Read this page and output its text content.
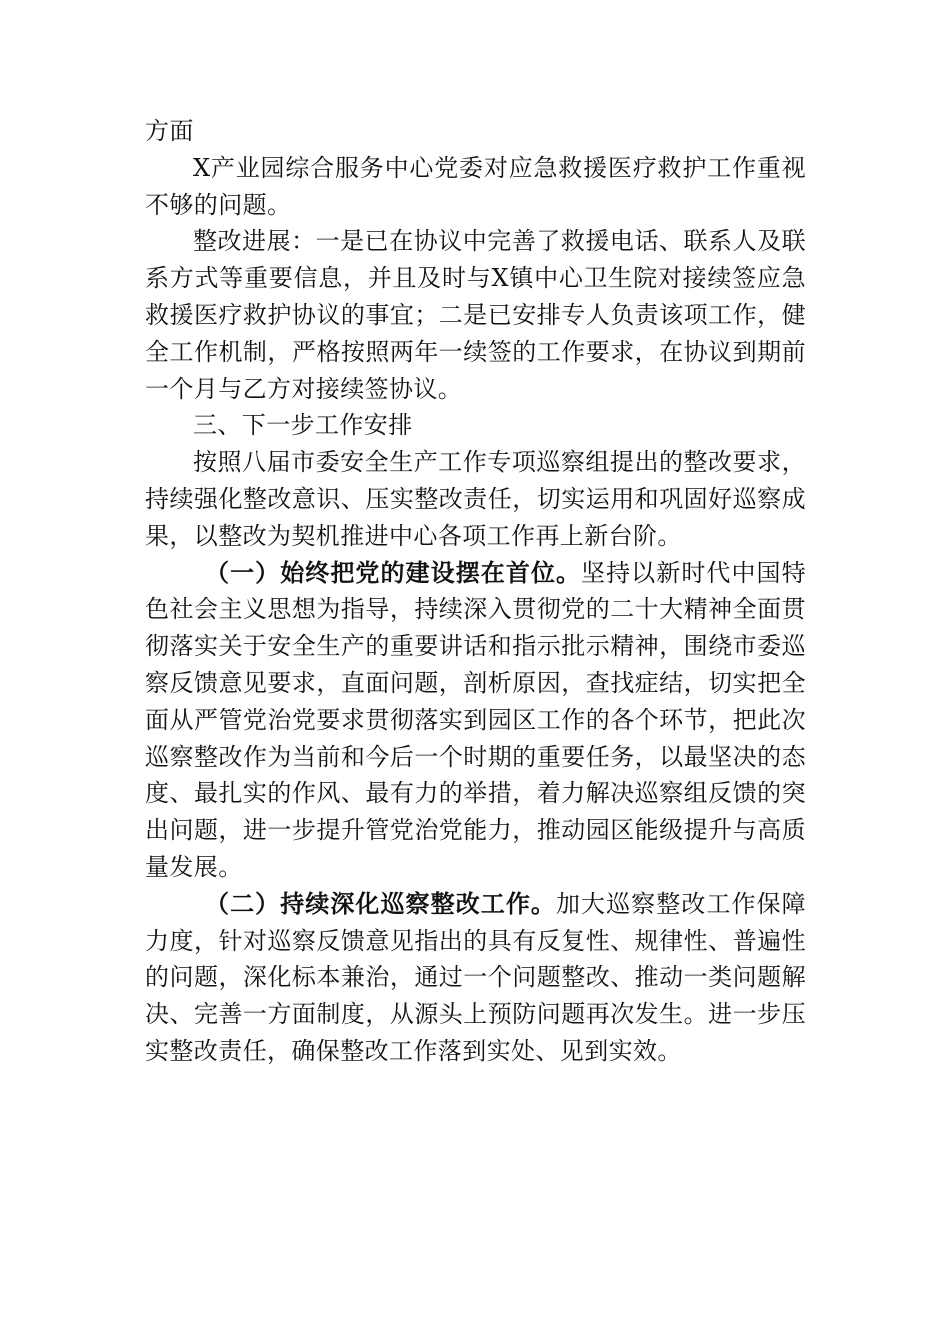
方面

X产业园综合服务中心党委对应急救援医疗救护工作重视不够的问题。

整改进展：一是已在协议中完善了救援电话、联系人及联系方式等重要信息，并且及时与X镇中心卫生院对接续签应急救援医疗救护协议的事宜；二是已安排专人负责该项工作，健全工作机制，严格按照两年一续签的工作要求，在协议到期前一个月与乙方对接续签协议。

三、下一步工作安排

按照八届市委安全生产工作专项巡察组提出的整改要求，持续强化整改意识、压实整改责任，切实运用和巩固好巡察成果，以整改为契机推进中心各项工作再上新台阶。

（一）始终把党的建设摆在首位。坚持以新时代中国特色社会主义思想为指导，持续深入贯彻党的二十大精神全面贯彻落实关于安全生产的重要讲话和指示批示精神，围绕市委巡察反馈意见要求，直面问题，剖析原因，查找症结，切实把全面从严管党治党要求贯彻落实到园区工作的各个环节，把此次巡察整改作为当前和今后一个时期的重要任务，以最坚决的态度、最扎实的作风、最有力的举措，着力解决巡察组反馈的突出问题，进一步提升管党治党能力，推动园区能级提升与高质量发展。

（二）持续深化巡察整改工作。加大巡察整改工作保障力度，针对巡察反馈意见指出的具有反复性、规律性、普遍性的问题，深化标本兼治，通过一个问题整改、推动一类问题解决、完善一方面制度，从源头上预防问题再次发生。进一步压实整改责任，确保整改工作落到实处、见到实效。
